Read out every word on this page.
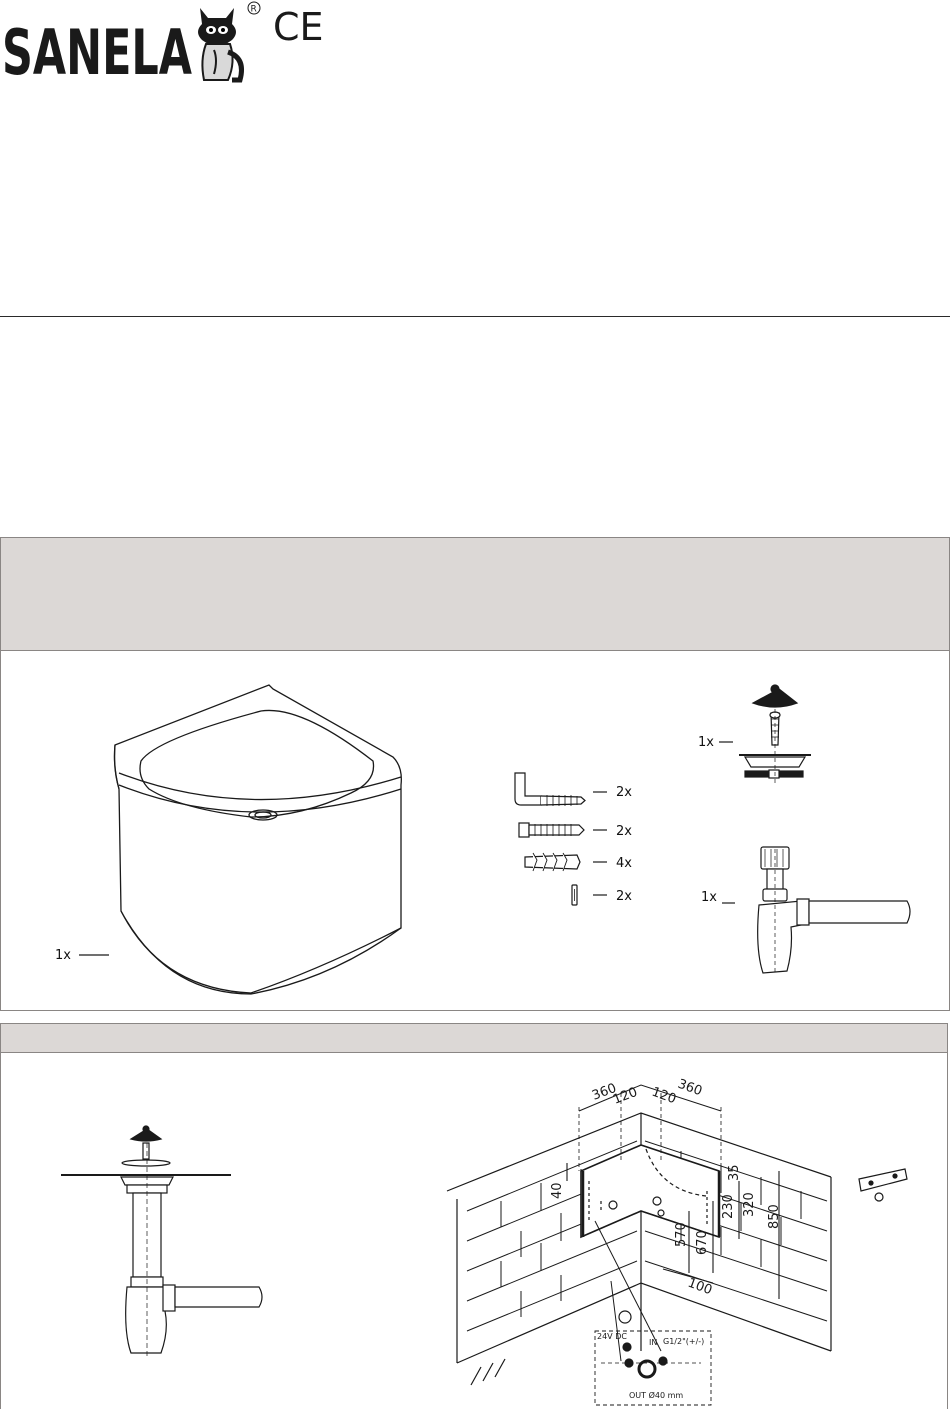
SANELA
R CE
1x
2x
2x
4x
2x
1x
1x
360
120 120
360
40
35
230 320 850
570 670
100
24V DC
IN G1/2"(+/-)
OUT Ø40 mm
